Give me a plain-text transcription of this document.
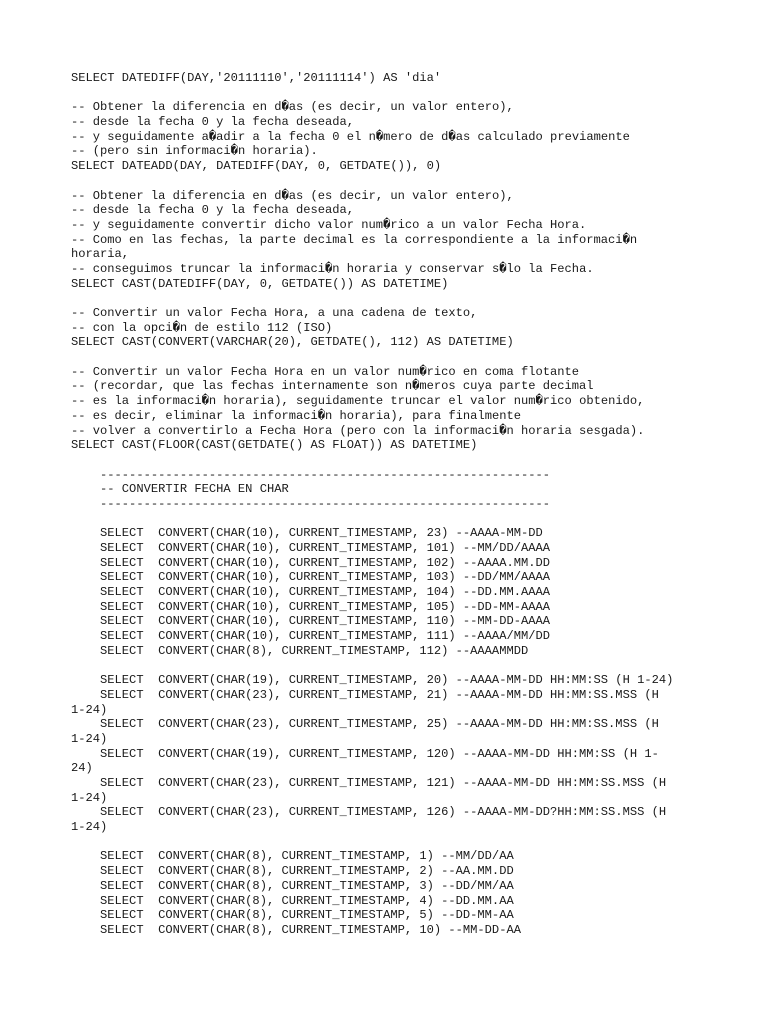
SELECT DATEDIFF(DAY,'20111110','20111114') AS 'dia'
-- Obtener la diferencia en d�as (es decir, un valor entero),
-- desde la fecha 0 y la fecha deseada,
-- y seguidamente a�adir a la fecha 0 el n�mero de d�as calculado previamente
-- (pero sin informaci�n horaria).
SELECT DATEADD(DAY, DATEDIFF(DAY, 0, GETDATE()), 0)
-- Obtener la diferencia en d�as (es decir, un valor entero),
-- desde la fecha 0 y la fecha deseada,
-- y seguidamente convertir dicho valor num�rico a un valor Fecha Hora.
-- Como en las fechas, la parte decimal es la correspondiente a la informaci�n
horaria,
-- conseguimos truncar la informaci�n horaria y conservar s�lo la Fecha.
SELECT CAST(DATEDIFF(DAY, 0, GETDATE()) AS DATETIME)
-- Convertir un valor Fecha Hora, a una cadena de texto,
-- con la opci�n de estilo 112 (ISO)
SELECT CAST(CONVERT(VARCHAR(20), GETDATE(), 112) AS DATETIME)
-- Convertir un valor Fecha Hora en un valor num�rico en coma flotante
-- (recordar, que las fechas internamente son n�meros cuya parte decimal
-- es la informaci�n horaria), seguidamente truncar el valor num�rico obtenido,
-- es decir, eliminar la informaci�n horaria), para finalmente
-- volver a convertirlo a Fecha Hora (pero con la informaci�n horaria sesgada).
SELECT CAST(FLOOR(CAST(GETDATE() AS FLOAT)) AS DATETIME)
--------------------------------------------------------------
-- CONVERTIR FECHA EN CHAR
--------------------------------------------------------------
SELECT  CONVERT(CHAR(10), CURRENT_TIMESTAMP, 23) --AAAA-MM-DD
SELECT  CONVERT(CHAR(10), CURRENT_TIMESTAMP, 101) --MM/DD/AAAA
SELECT  CONVERT(CHAR(10), CURRENT_TIMESTAMP, 102) --AAAA.MM.DD
SELECT  CONVERT(CHAR(10), CURRENT_TIMESTAMP, 103) --DD/MM/AAAA
SELECT  CONVERT(CHAR(10), CURRENT_TIMESTAMP, 104) --DD.MM.AAAA
SELECT  CONVERT(CHAR(10), CURRENT_TIMESTAMP, 105) --DD-MM-AAAA
SELECT  CONVERT(CHAR(10), CURRENT_TIMESTAMP, 110) --MM-DD-AAAA
SELECT  CONVERT(CHAR(10), CURRENT_TIMESTAMP, 111) --AAAA/MM/DD
SELECT  CONVERT(CHAR(8), CURRENT_TIMESTAMP, 112) --AAAAMMDD
SELECT  CONVERT(CHAR(19), CURRENT_TIMESTAMP, 20) --AAAA-MM-DD HH:MM:SS (H 1-24)
SELECT  CONVERT(CHAR(23), CURRENT_TIMESTAMP, 21) --AAAA-MM-DD HH:MM:SS.MSS (H
1-24)
SELECT  CONVERT(CHAR(23), CURRENT_TIMESTAMP, 25) --AAAA-MM-DD HH:MM:SS.MSS (H
1-24)
SELECT  CONVERT(CHAR(19), CURRENT_TIMESTAMP, 120) --AAAA-MM-DD HH:MM:SS (H 1-
24)
SELECT  CONVERT(CHAR(23), CURRENT_TIMESTAMP, 121) --AAAA-MM-DD HH:MM:SS.MSS (H
1-24)
SELECT  CONVERT(CHAR(23), CURRENT_TIMESTAMP, 126) --AAAA-MM-DD?HH:MM:SS.MSS (H
1-24)
SELECT  CONVERT(CHAR(8), CURRENT_TIMESTAMP, 1) --MM/DD/AA
SELECT  CONVERT(CHAR(8), CURRENT_TIMESTAMP, 2) --AA.MM.DD
SELECT  CONVERT(CHAR(8), CURRENT_TIMESTAMP, 3) --DD/MM/AA
SELECT  CONVERT(CHAR(8), CURRENT_TIMESTAMP, 4) --DD.MM.AA
SELECT  CONVERT(CHAR(8), CURRENT_TIMESTAMP, 5) --DD-MM-AA
SELECT  CONVERT(CHAR(8), CURRENT_TIMESTAMP, 10) --MM-DD-AA
